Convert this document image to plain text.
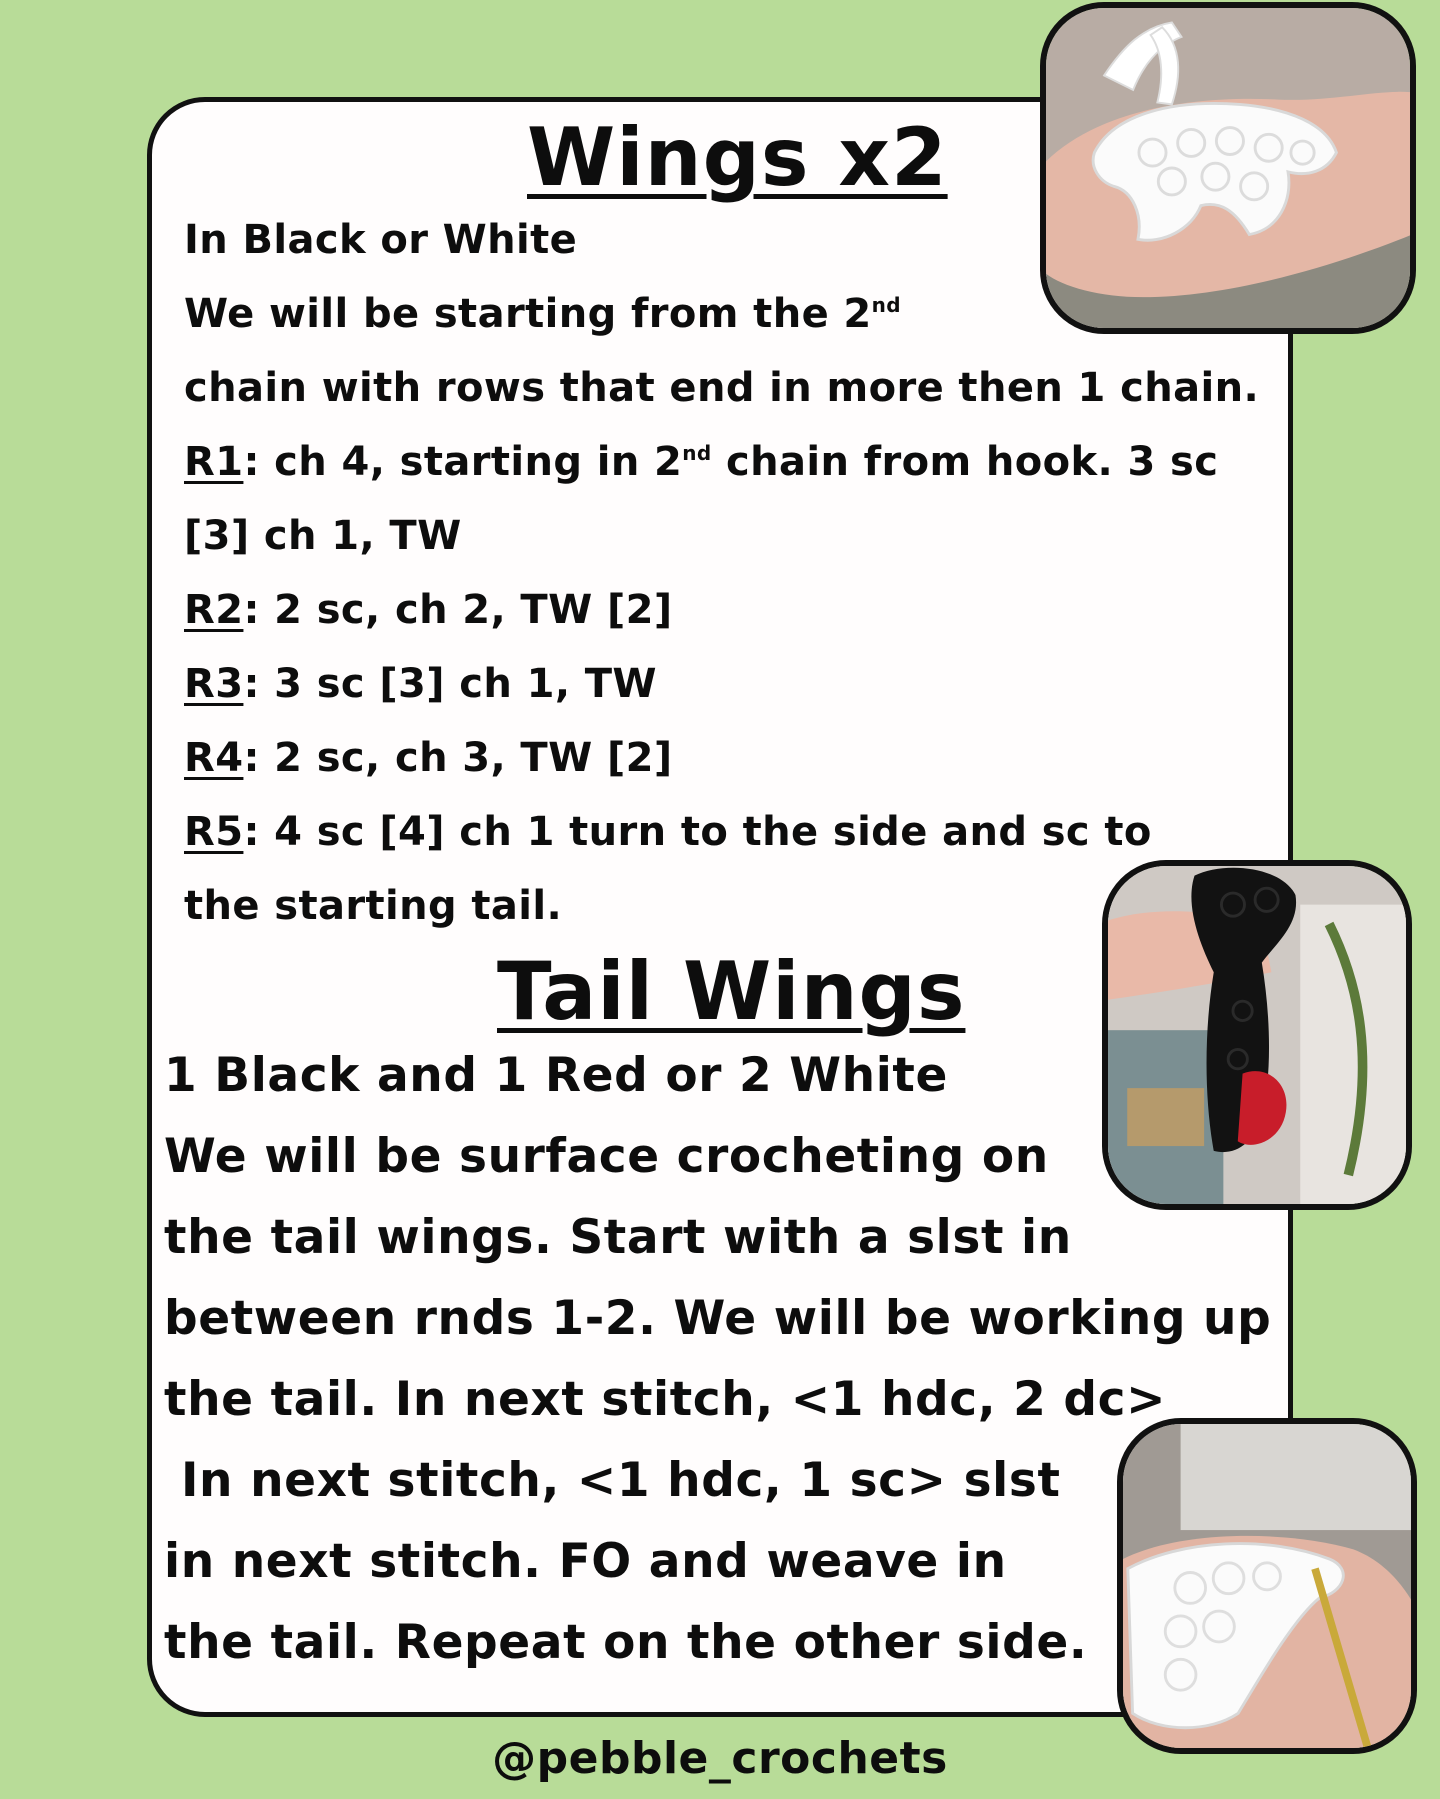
Wings x2

In Black or White

We will be starting from the 2nd

chain with rows that end in more then 1 chain.

R1: ch 4, starting in 2nd chain from hook. 3 sc

[3] ch 1, TW

R2: 2 sc, ch 2, TW [2]

R3: 3 sc [3] ch 1, TW

R4: 2 sc, ch 3, TW [2]

R5: 4 sc [4] ch 1 turn to the side and sc to

the starting tail.

Tail Wings

1 Black and 1 Red or 2 White

We will be surface crocheting on

the tail wings. Start with a slst in

between rnds 1-2. We will be working up

the tail. In next stitch, <1 hdc, 2 dc>

In next stitch, <1 hdc, 1 sc> slst

in next stitch. FO and weave in

the tail. Repeat on the other side.

@pebble_crochets
